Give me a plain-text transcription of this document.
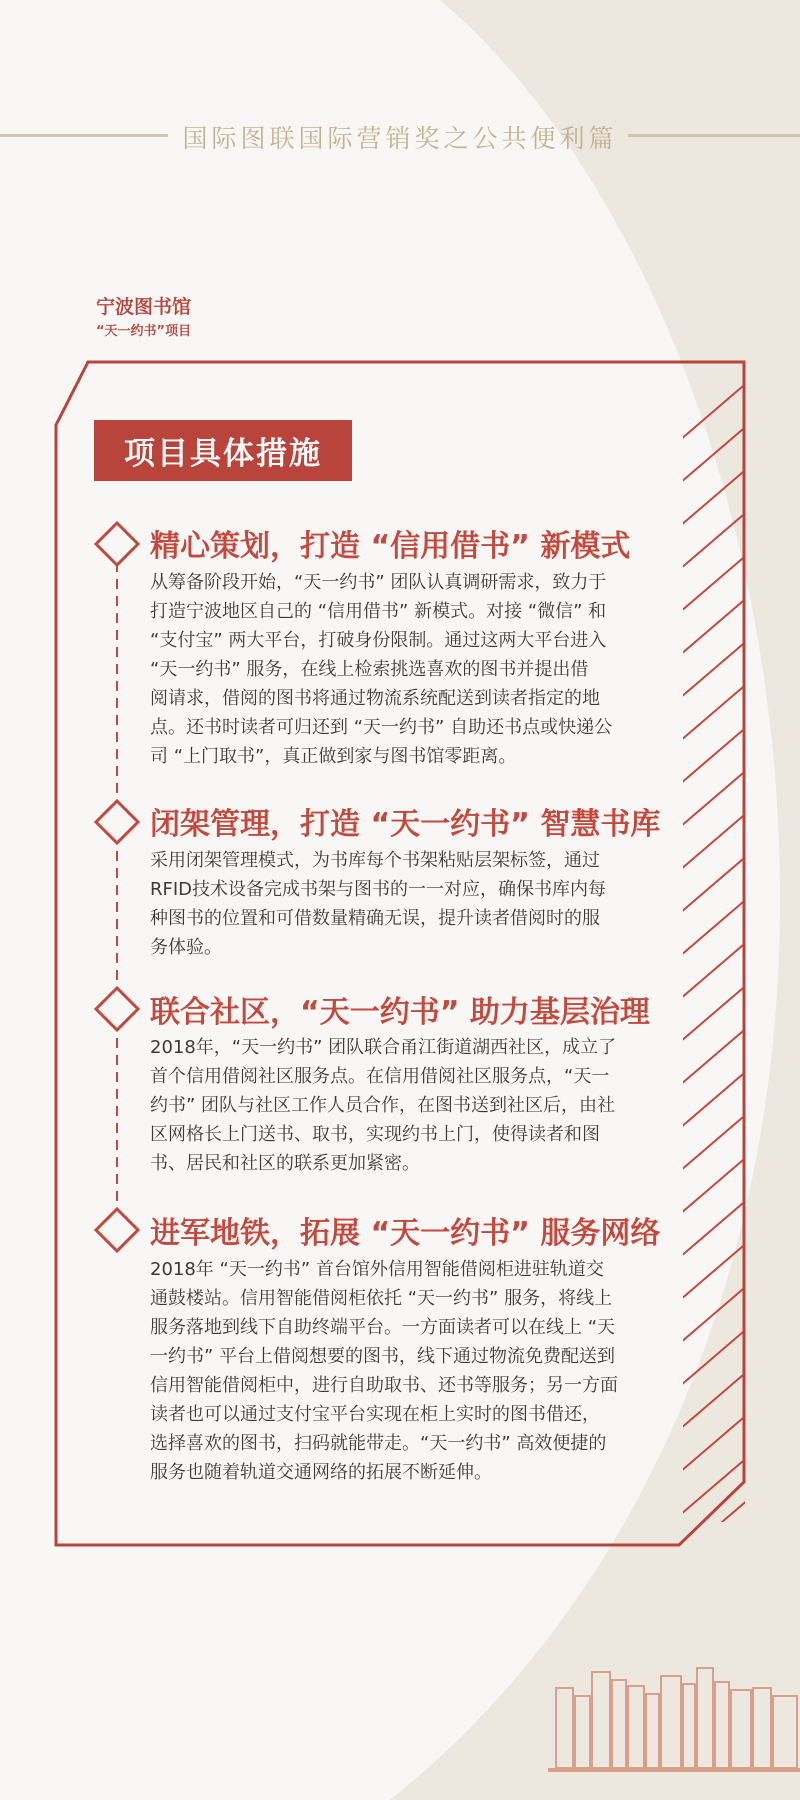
国际图联国际营销奖之公共便利篇
宁波图书馆
“天一约书”项目
项目具体措施
精心策划，打造 “信用借书” 新模式
从筹备阶段开始，“天一约书” 团队认真调研需求，致力于
打造宁波地区自己的 “信用借书” 新模式。对接 “微信” 和
“支付宝” 两大平台，打破身份限制。通过这两大平台进入
“天一约书” 服务，在线上检索挑选喜欢的图书并提出借
阅请求，借阅的图书将通过物流系统配送到读者指定的地
点。还书时读者可归还到 “天一约书” 自助还书点或快递公
司 “上门取书”，真正做到家与图书馆零距离。
闭架管理，打造 “天一约书” 智慧书库
采用闭架管理模式，为书库每个书架粘贴层架标签，通过
RFID技术设备完成书架与图书的一一对应，确保书库内每
种图书的位置和可借数量精确无误，提升读者借阅时的服
务体验。
联合社区，“天一约书” 助力基层治理
2018年，“天一约书” 团队联合甬江街道湖西社区，成立了
首个信用借阅社区服务点。在信用借阅社区服务点，“天一
约书” 团队与社区工作人员合作，在图书送到社区后，由社
区网格长上门送书、取书，实现约书上门，使得读者和图
书、居民和社区的联系更加紧密。
进军地铁，拓展 “天一约书” 服务网络
2018年 “天一约书” 首台馆外信用智能借阅柜进驻轨道交
通鼓楼站。信用智能借阅柜依托 “天一约书” 服务，将线上
服务落地到线下自助终端平台。一方面读者可以在线上 “天
一约书” 平台上借阅想要的图书，线下通过物流免费配送到
信用智能借阅柜中，进行自助取书、还书等服务；另一方面
读者也可以通过支付宝平台实现在柜上实时的图书借还，
选择喜欢的图书，扫码就能带走。“天一约书” 高效便捷的
服务也随着轨道交通网络的拓展不断延伸。
